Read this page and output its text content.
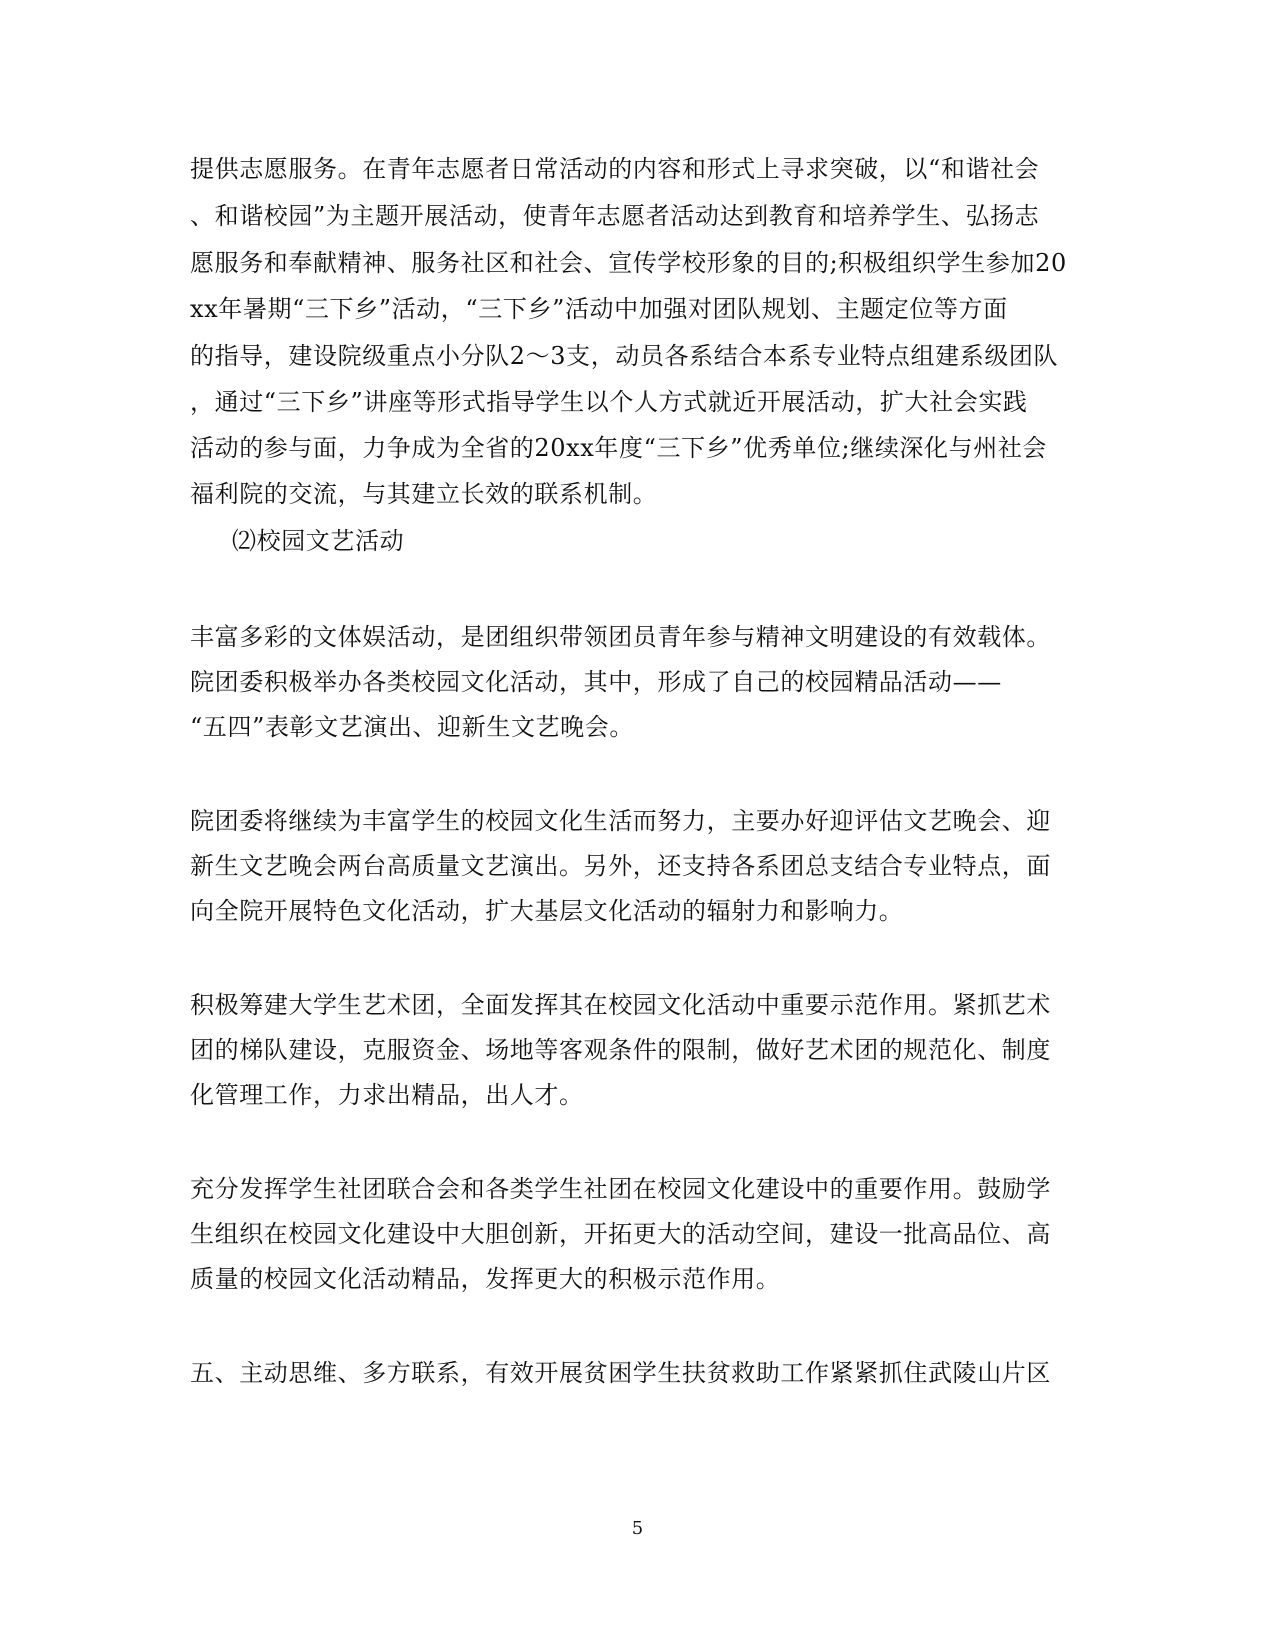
提供志愿服务。在青年志愿者日常活动的内容和形式上寻求突破，以“和谐社会
、和谐校园”为主题开展活动，使青年志愿者活动达到教育和培养学生、弘扬志
愿服务和奉献精神、服务社区和社会、宣传学校形象的目的;积极组织学生参加20
xx年暑期“三下乡”活动，“三下乡”活动中加强对团队规划、主题定位等方面
的指导，建设院级重点小分队2～3支，动员各系结合本系专业特点组建系级团队
，通过“三下乡”讲座等形式指导学生以个人方式就近开展活动，扩大社会实践
活动的参与面，力争成为全省的20xx年度“三下乡”优秀单位;继续深化与州社会
福利院的交流，与其建立长效的联系机制。
⑵校园文艺活动
丰富多彩的文体娱活动，是团组织带领团员青年参与精神文明建设的有效载体。
院团委积极举办各类校园文化活动，其中，形成了自己的校园精品活动——
“五四”表彰文艺演出、迎新生文艺晚会。
院团委将继续为丰富学生的校园文化生活而努力，主要办好迎评估文艺晚会、迎
新生文艺晚会两台高质量文艺演出。另外，还支持各系团总支结合专业特点，面
向全院开展特色文化活动，扩大基层文化活动的辐射力和影响力。
积极筹建大学生艺术团，全面发挥其在校园文化活动中重要示范作用。紧抓艺术
团的梯队建设，克服资金、场地等客观条件的限制，做好艺术团的规范化、制度
化管理工作，力求出精品，出人才。
充分发挥学生社团联合会和各类学生社团在校园文化建设中的重要作用。鼓励学
生组织在校园文化建设中大胆创新，开拓更大的活动空间，建设一批高品位、高
质量的校园文化活动精品，发挥更大的积极示范作用。
五、主动思维、多方联系，有效开展贫困学生扶贫救助工作紧紧抓住武陵山片区
5
